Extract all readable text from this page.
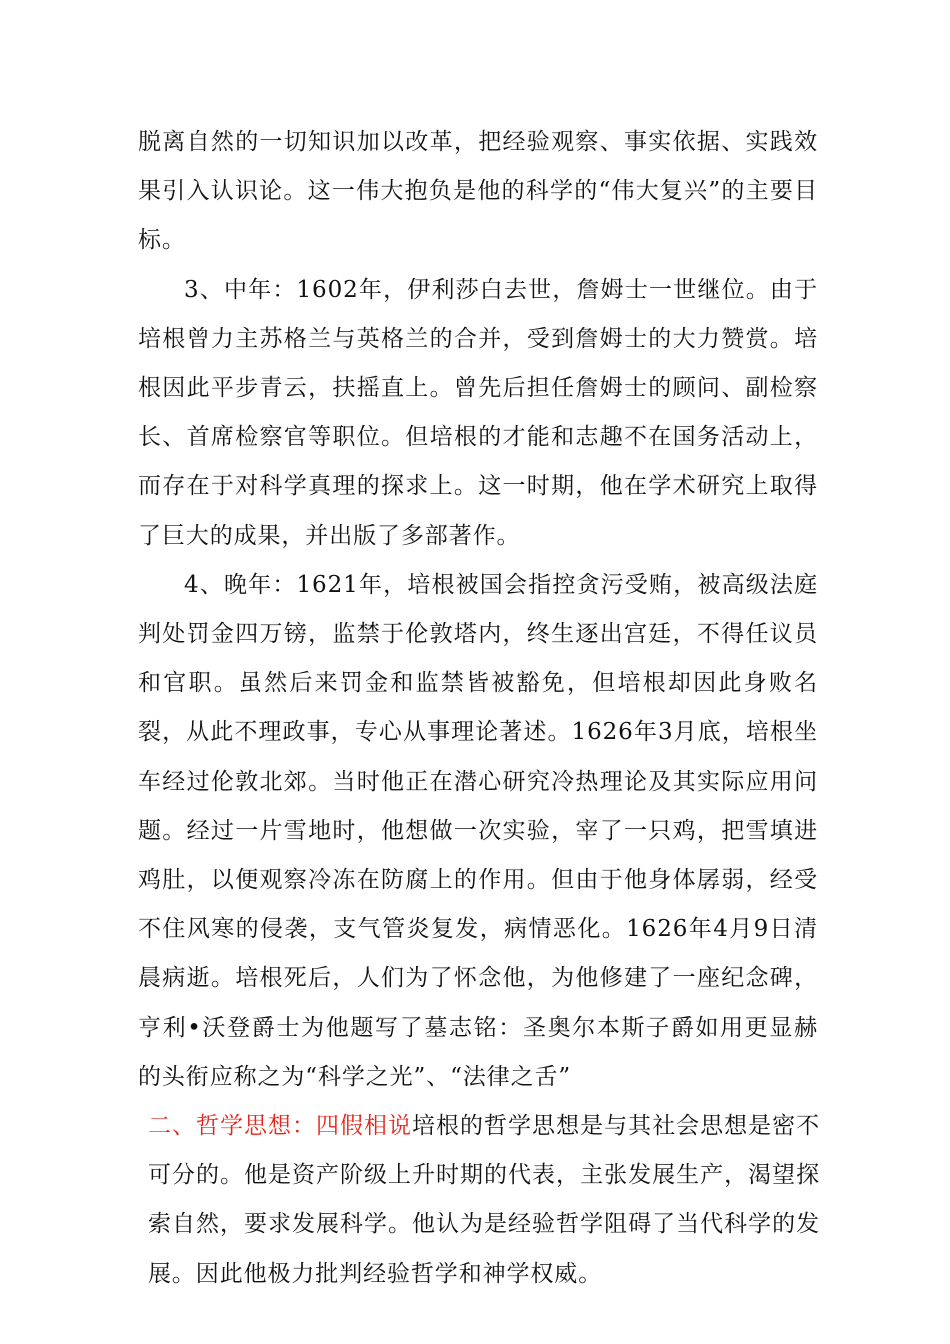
脱离自然的一切知识加以改革，把经验观察、事实依据、实践效果引入认识论。这一伟大抱负是他的科学的“伟大复兴”的主要目标。

3、中年：1602年，伊利莎白去世，詹姆士一世继位。由于培根曾力主苏格兰与英格兰的合并，受到詹姆士的大力赞赏。培根因此平步青云，扶摇直上。曾先后担任詹姆士的顾问、副检察长、首席检察官等职位。但培根的才能和志趣不在国务活动上，而存在于对科学真理的探求上。这一时期，他在学术研究上取得了巨大的成果，并出版了多部著作。

4、晚年：1621年，培根被国会指控贪污受贿，被高级法庭判处罚金四万镑，监禁于伦敦塔内，终生逐出宫廷，不得任议员和官职。虽然后来罚金和监禁皆被豁免，但培根却因此身败名裂，从此不理政事，专心从事理论著述。1626年3月底，培根坐车经过伦敦北郊。当时他正在潜心研究冷热理论及其实际应用问题。经过一片雪地时，他想做一次实验，宰了一只鸡，把雪填进鸡肚，以便观察冷冻在防腐上的作用。但由于他身体孱弱，经受不住风寒的侵袭，支气管炎复发，病情恶化。1626年4月9日清晨病逝。培根死后，人们为了怀念他，为他修建了一座纪念碑，亨利•沃登爵士为他题写了墓志铭：圣奥尔本斯子爵如用更显赫的头衔应称之为“科学之光”、“法律之舌”

二、哲学思想：四假相说培根的哲学思想是与其社会思想是密不可分的。他是资产阶级上升时期的代表，主张发展生产，渴望探索自然，要求发展科学。他认为是经验哲学阻碍了当代科学的发展。因此他极力批判经验哲学和神学权威。
